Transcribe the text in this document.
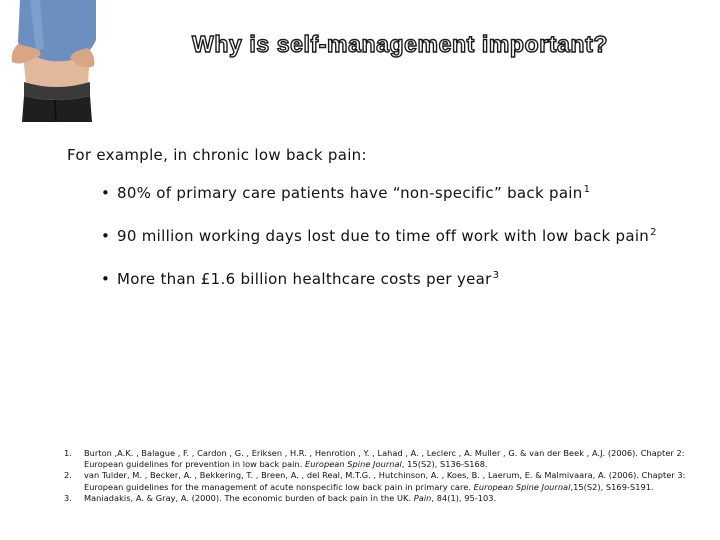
Why is self-management important?
For example, in chronic low back pain:
• 80% of primary care patients have “non-specific” back pain$^1$
• 90 million working days lost due to time off work with low back pain$^2$
• More than £1.6 billion healthcare costs per year$^3$
1. Burton ,A.K. , Balague , F. , Cardon , G. , Eriksen , H.R. , Henrotion , Y. , Lahad , A. , Leclerc , A. Muller , G. & van der Beek , A.J. (2006). Chapter 2: European guidelines for prevention in low back pain. European Spine Journal, 15(S2), S136-S168.
2. van Tulder, M. , Becker, A. , Bekkering, T. , Breen, A. , del Real, M.T.G. , Hutchinson, A. , Koes, B. , Laerum, E. & Malmivaara, A. (2006). Chapter 3: European guidelines for the management of acute nonspecific low back pain in primary care. European Spine Journal,15(S2), S169-S191.
3. Maniadakis, A. & Gray, A. (2000). The economic burden of back pain in the UK. Pain, 84(1), 95-103.
